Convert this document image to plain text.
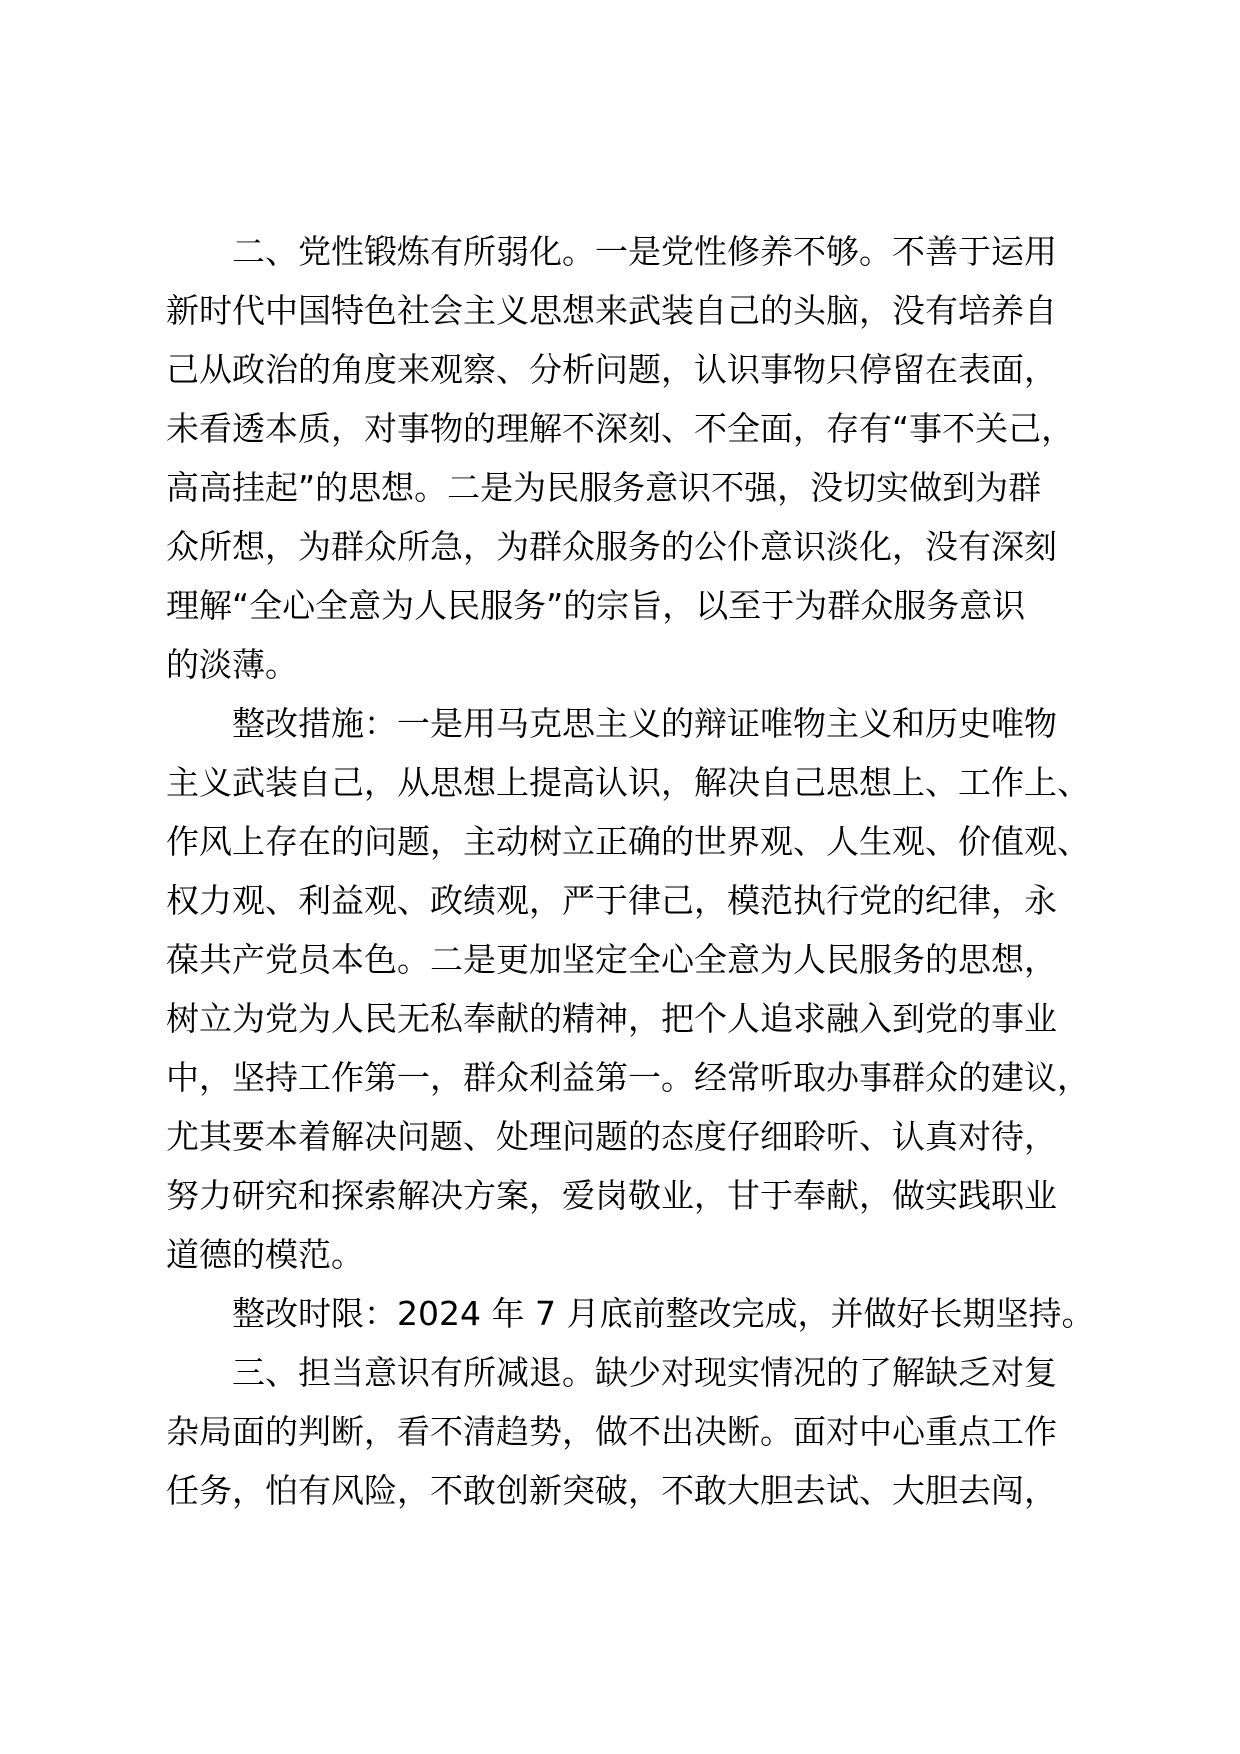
二、党性锻炼有所弱化。一是党性修养不够。不善于运用
新时代中国特色社会主义思想来武装自己的头脑，没有培养自
己从政治的角度来观察、分析问题，认识事物只停留在表面，
未看透本质，对事物的理解不深刻、不全面，存有“事不关己，
高高挂起”的思想。二是为民服务意识不强，没切实做到为群
众所想，为群众所急，为群众服务的公仆意识淡化，没有深刻
理解“全心全意为人民服务”的宗旨，以至于为群众服务意识
的淡薄。
整改措施：一是用马克思主义的辩证唯物主义和历史唯物
主义武装自己，从思想上提高认识，解决自己思想上、工作上、
作风上存在的问题，主动树立正确的世界观、人生观、价值观、
权力观、利益观、政绩观，严于律己，模范执行党的纪律，永
葆共产党员本色。二是更加坚定全心全意为人民服务的思想，
树立为党为人民无私奉献的精神，把个人追求融入到党的事业
中，坚持工作第一，群众利益第一。经常听取办事群众的建议，
尤其要本着解决问题、处理问题的态度仔细聆听、认真对待，
努力研究和探索解决方案，爱岗敬业，甘于奉献，做实践职业
道德的模范。
整改时限：2024 年 7 月底前整改完成，并做好长期坚持。
三、担当意识有所减退。缺少对现实情况的了解缺乏对复
杂局面的判断，看不清趋势，做不出决断。面对中心重点工作
任务，怕有风险，不敢创新突破，不敢大胆去试、大胆去闯，
